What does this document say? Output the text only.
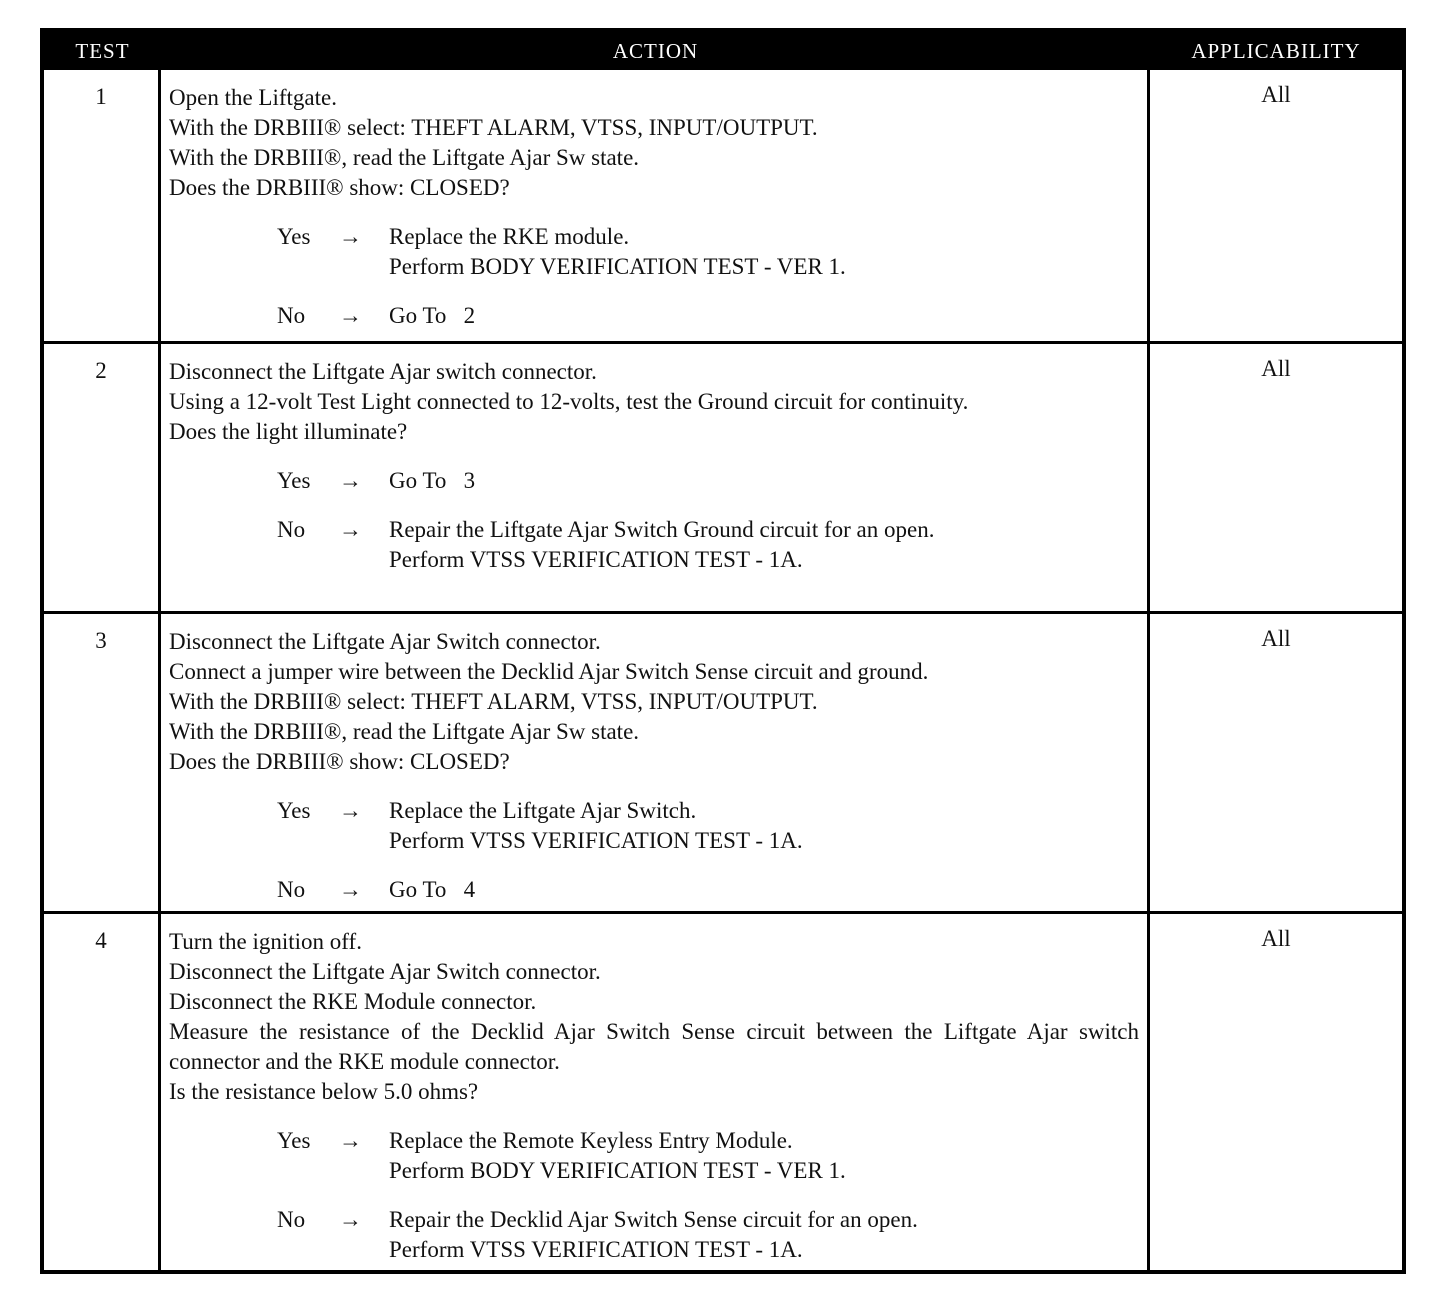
TEST	ACTION	APPLICABILITY
1	Open the Liftgate.
With the DRBIII® select: THEFT ALARM, VTSS, INPUT/OUTPUT.
With the DRBIII®, read the Liftgate Ajar Sw state.
Does the DRBIII® show: CLOSED?
Yes	→	Replace the RKE module.
Perform BODY VERIFICATION TEST - VER 1.
No	→	Go To   2
All
2	Disconnect the Liftgate Ajar switch connector.
Using a 12-volt Test Light connected to 12-volts, test the Ground circuit for continuity.
Does the light illuminate?
Yes	→	Go To   3
No	→	Repair the Liftgate Ajar Switch Ground circuit for an open.
Perform VTSS VERIFICATION TEST - 1A.
All
3	Disconnect the Liftgate Ajar Switch connector.
Connect a jumper wire between the Decklid Ajar Switch Sense circuit and ground.
With the DRBIII® select: THEFT ALARM, VTSS, INPUT/OUTPUT.
With the DRBIII®, read the Liftgate Ajar Sw state.
Does the DRBIII® show: CLOSED?
Yes	→	Replace the Liftgate Ajar Switch.
Perform VTSS VERIFICATION TEST - 1A.
No	→	Go To   4
All
4	Turn the ignition off.
Disconnect the Liftgate Ajar Switch connector.
Disconnect the RKE Module connector.
Measure the resistance of the Decklid Ajar Switch Sense circuit between the Liftgate Ajar switch connector and the RKE module connector.
Is the resistance below 5.0 ohms?
Yes	→	Replace the Remote Keyless Entry Module.
Perform BODY VERIFICATION TEST - VER 1.
No	→	Repair the Decklid Ajar Switch Sense circuit for an open.
Perform VTSS VERIFICATION TEST - 1A.
All
